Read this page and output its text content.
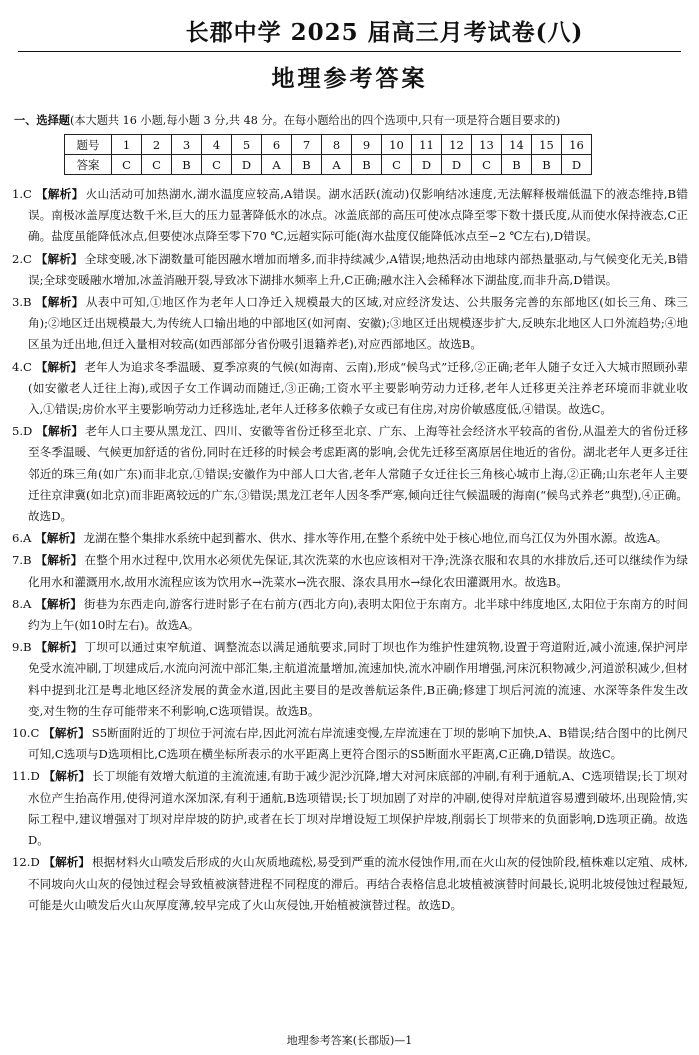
长郡中学 2025 届高三月考试卷(八)
地理参考答案
一、选择题(本大题共 16 小题,每小题 3 分,共 48 分。在每小题给出的四个选项中,只有一项是符合题目要求的)
题号	1	2	3	4	5	6	7	8	9	10	11	12	13	14	15	16
答案	C	C	B	C	D	A	B	A	B	C	D	D	C	B	B	D
1.C 【解析】 火山活动可加热湖水,湖水温度应较高,A错误。湖水活跃(流动)仅影响结冰速度,无法解释极端低温下的液态维持,B错误。南极冰盖厚度达数千米,巨大的压力显著降低水的冰点。冰盖底部的高压可使冰点降至零下数十摄氏度,从而使水保持液态,C正确。盐度虽能降低冰点,但要使冰点降至零下70 ℃,远超实际可能(海水盐度仅能降低冰点至−2 ℃左右),D错误。
2.C 【解析】 全球变暖,冰下湖数量可能因融水增加而增多,而非持续减少,A错误;地热活动由地球内部热量驱动,与气候变化无关,B错误;全球变暖融水增加,冰盖消融开裂,导致冰下湖排水频率上升,C正确;融水注入会稀释冰下湖盐度,而非升高,D错误。
3.B 【解析】 从表中可知,①地区作为老年人口净迁入规模最大的区域,对应经济发达、公共服务完善的东部地区(如长三角、珠三角);②地区迁出规模最大,为传统人口输出地的中部地区(如河南、安徽);③地区迁出规模逐步扩大,反映东北地区人口外流趋势;④地区虽为迁出地,但迁入量相对较高(如西部部分省份吸引退籍养老),对应西部地区。故选B。
4.C 【解析】 老年人为追求冬季温暖、夏季凉爽的气候(如海南、云南),形成“候鸟式”迁移,②正确;老年人随子女迁入大城市照顾孙辈(如安徽老人迁往上海),或因子女工作调动而随迁,③正确;工资水平主要影响劳动力迁移,老年人迁移更关注养老环境而非就业收入,①错误;房价水平主要影响劳动力迁移选址,老年人迁移多依赖子女或已有住房,对房价敏感度低,④错误。故选C。
5.D 【解析】 老年人口主要从黑龙江、四川、安徽等省份迁移至北京、广东、上海等社会经济水平较高的省份,从温差大的省份迁移至冬季温暖、气候更加舒适的省份,同时在迁移的时候会考虑距离的影响,会优先迁移至离原居住地近的省份。湖北老年人更多迁往邻近的珠三角(如广东)而非北京,①错误;安徽作为中部人口大省,老年人常随子女迁往长三角核心城市上海,②正确;山东老年人主要迁往京津冀(如北京)而非距离较远的广东,③错误;黑龙江老年人因冬季严寒,倾向迁往气候温暖的海南(“候鸟式养老”典型),④正确。故选D。
6.A 【解析】 龙湖在整个集排水系统中起到蓄水、供水、排水等作用,在整个系统中处于核心地位,而乌江仅为外围水源。故选A。
7.B 【解析】 在整个用水过程中,饮用水必须优先保证,其次洗菜的水也应该相对干净;洗涤衣服和农具的水排放后,还可以继续作为绿化用水和灌溉用水,故用水流程应该为饮用水→洗菜水→洗衣服、涤农具用水→绿化农田灌溉用水。故选B。
8.A 【解析】 街巷为东西走向,游客行进时影子在右前方(西北方向),表明太阳位于东南方。北半球中纬度地区,太阳位于东南方的时间约为上午(如10时左右)。故选A。
9.B 【解析】 丁坝可以通过束窄航道、调整流态以满足通航要求,同时丁坝也作为维护性建筑物,设置于弯道附近,减小流速,保护河岸免受水流冲刷,丁坝建成后,水流向河流中部汇集,主航道流量增加,流速加快,流水冲刷作用增强,河床沉积物减少,河道淤积减少,但材料中提到北江是粤北地区经济发展的黄金水道,因此主要目的是改善航运条件,B正确;修建丁坝后河流的流速、水深等条件发生改变,对生物的生存可能带来不利影响,C选项错误。故选B。
10.C 【解析】 S5断面附近的丁坝位于河流右岸,因此河流右岸流速变慢,左岸流速在丁坝的影响下加快,A、B错误;结合图中的比例尺可知,C选项与D选项相比,C选项在横坐标所表示的水平距离上更符合图示的S5断面水平距离,C正确,D错误。故选C。
11.D 【解析】 长丁坝能有效增大航道的主流流速,有助于减少泥沙沉降,增大对河床底部的冲刷,有利于通航,A、C选项错误;长丁坝对水位产生抬高作用,使得河道水深加深,有利于通航,B选项错误;长丁坝加剧了对岸的冲刷,使得对岸航道容易遭到破坏,出现险情,实际工程中,建议增强对丁坝对岸岸坡的防护,或者在长丁坝对岸增设短工坝保护岸坡,削弱长丁坝带来的负面影响,D选项正确。故选D。
12.D 【解析】 根据材料火山喷发后形成的火山灰质地疏松,易受到严重的流水侵蚀作用,而在火山灰的侵蚀阶段,植株难以定殖、成林,不同坡向火山灰的侵蚀过程会导致植被演替进程不同程度的滞后。再结合表格信息北坡植被演替时间最长,说明北坡侵蚀过程最短,可能是火山喷发后火山灰厚度薄,较早完成了火山灰侵蚀,开始植被演替过程。故选D。
地理参考答案(长郡版)—1
